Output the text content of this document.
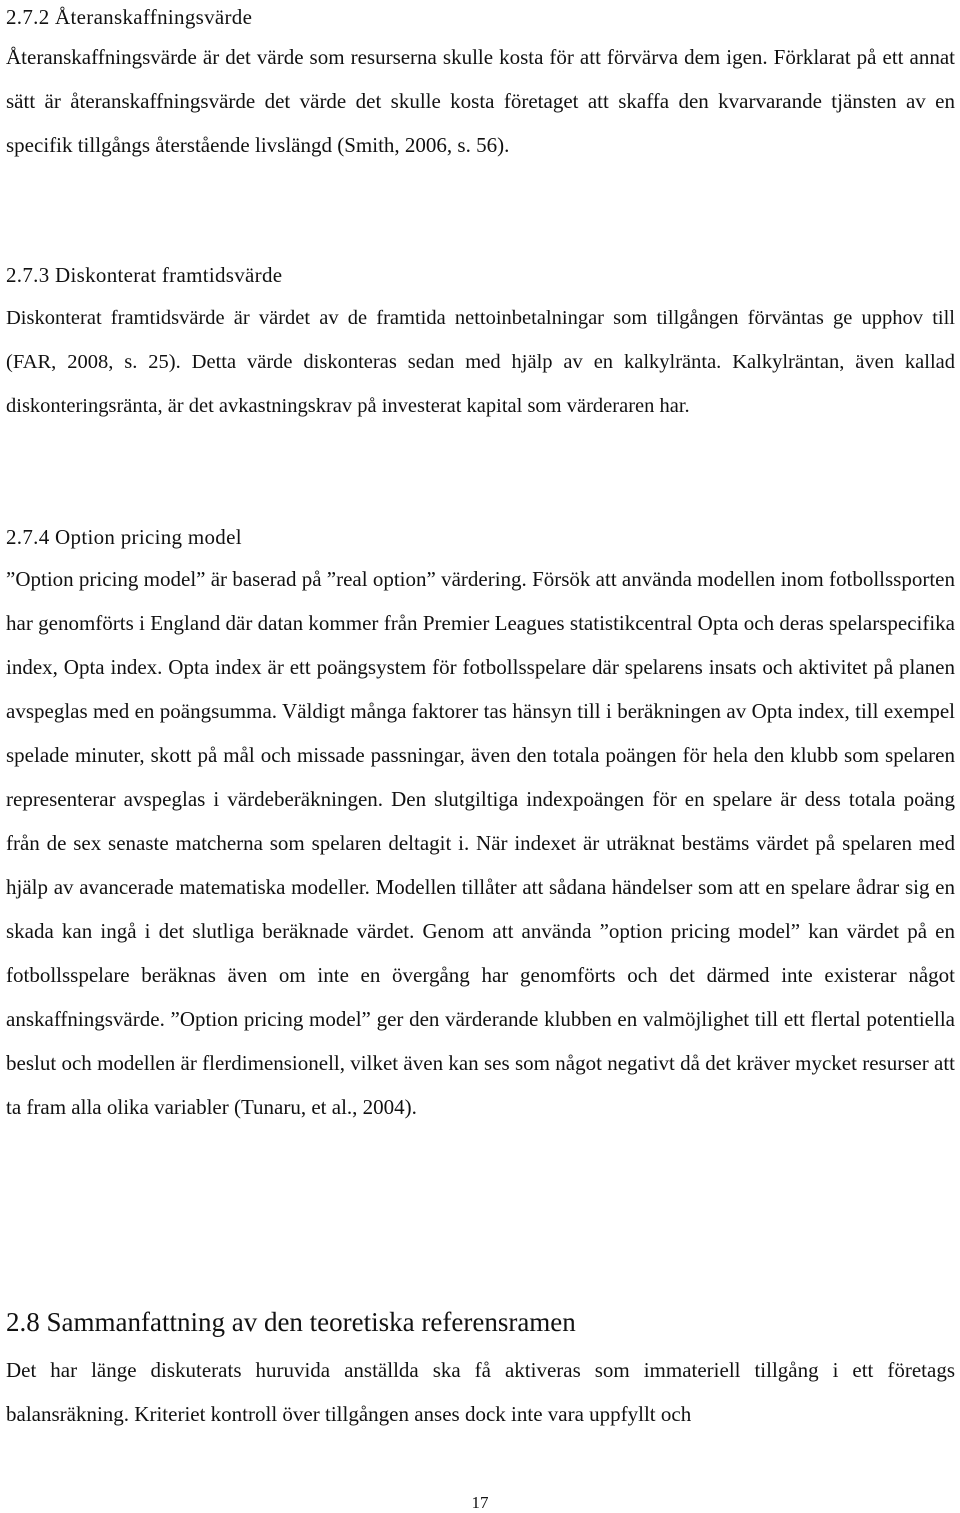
2.7.2 Återanskaffningsvärde

Återanskaffningsvärde är det värde som resurserna skulle kosta för att förvärva dem igen. Förklarat på ett annat sätt är återanskaffningsvärde det värde det skulle kosta företaget att skaffa den kvarvarande tjänsten av en specifik tillgångs återstående livslängd (Smith, 2006, s. 56).

2.7.3 Diskonterat framtidsvärde

Diskonterat framtidsvärde är värdet av de framtida nettoinbetalningar som tillgången förväntas ge upphov till (FAR, 2008, s. 25). Detta värde diskonteras sedan med hjälp av en kalkylränta. Kalkylräntan, även kallad diskonteringsränta, är det avkastningskrav på investerat kapital som värderaren har.

2.7.4 Option pricing model

”Option pricing model” är baserad på ”real option” värdering. Försök att använda modellen inom fotbollssporten har genomförts i England där datan kommer från Premier Leagues statistikcentral Opta och deras spelarspecifika index, Opta index. Opta index är ett poängsystem för fotbollsspelare där spelarens insats och aktivitet på planen avspeglas med en poängsumma. Väldigt många faktorer tas hänsyn till i beräkningen av Opta index, till exempel spelade minuter, skott på mål och missade passningar, även den totala poängen för hela den klubb som spelaren representerar avspeglas i värdeberäkningen. Den slutgiltiga indexpoängen för en spelare är dess totala poäng från de sex senaste matcherna som spelaren deltagit i. När indexet är uträknat bestäms värdet på spelaren med hjälp av avancerade matematiska modeller. Modellen tillåter att sådana händelser som att en spelare ådrar sig en skada kan ingå i det slutliga beräknade värdet. Genom att använda ”option pricing model” kan värdet på en fotbollsspelare beräknas även om inte en övergång har genomförts och det därmed inte existerar något anskaffningsvärde. ”Option pricing model” ger den värderande klubben en valmöjlighet till ett flertal potentiella beslut och modellen är flerdimensionell, vilket även kan ses som något negativt då det kräver mycket resurser att ta fram alla olika variabler (Tunaru, et al., 2004).

2.8 Sammanfattning av den teoretiska referensramen

Det har länge diskuterats huruvida anställda ska få aktiveras som immateriell tillgång i ett företags balansräkning. Kriteriet kontroll över tillgången anses dock inte vara uppfyllt och

17
